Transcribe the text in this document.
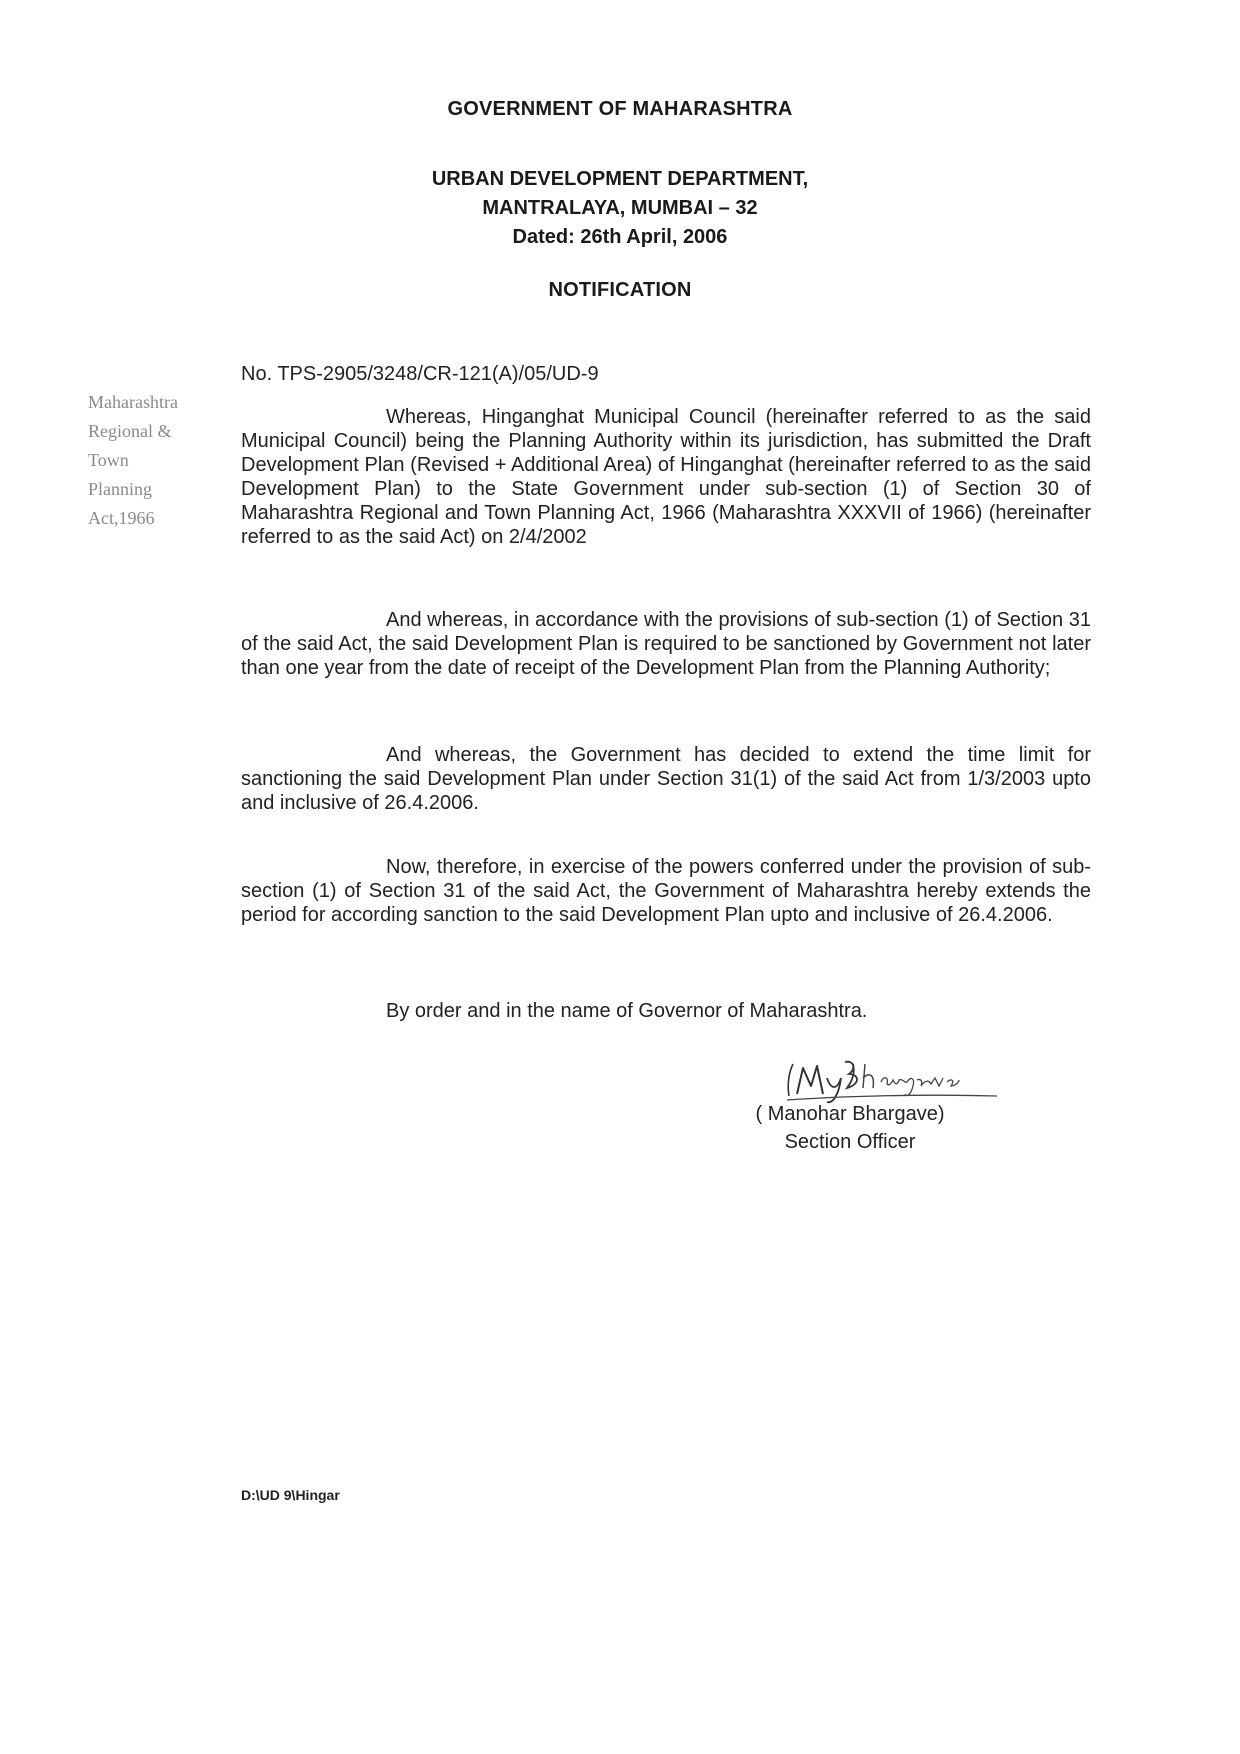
GOVERNMENT OF MAHARASHTRA
URBAN DEVELOPMENT DEPARTMENT,
MANTRALAYA, MUMBAI – 32
Dated: 26th April, 2006
NOTIFICATION
No. TPS-2905/3248/CR-121(A)/05/UD-9
Maharashtra
Regional &
Town
Planning
Act,1966

Whereas, Hinganghat Municipal Council (hereinafter referred to as the said Municipal Council) being the Planning Authority within its jurisdiction, has submitted the Draft Development Plan (Revised + Additional Area) of Hinganghat (hereinafter referred to as the said Development Plan) to the State Government under sub-section (1) of Section 30 of Maharashtra Regional and Town Planning Act, 1966 (Maharashtra XXXVII of 1966) (hereinafter referred to as the said Act) on 2/4/2002

And whereas, in accordance with the provisions of sub-section (1) of Section 31 of the said Act, the said Development Plan is required to be sanctioned by Government not later than one year from the date of receipt of the Development Plan from the Planning Authority;

And whereas, the Government has decided to extend the time limit for sanctioning the said Development Plan under Section 31(1) of the said Act from 1/3/2003 upto and inclusive of 26.4.2006.

Now, therefore, in exercise of the powers conferred under the provision of sub-section (1) of Section 31 of the said Act, the Government of Maharashtra hereby extends the period for according sanction to the said Development Plan upto and inclusive of 26.4.2006.

By order and in the name of Governor of Maharashtra.
( Manohar Bhargave)
Section Officer
D:\UD 9\Hingar
